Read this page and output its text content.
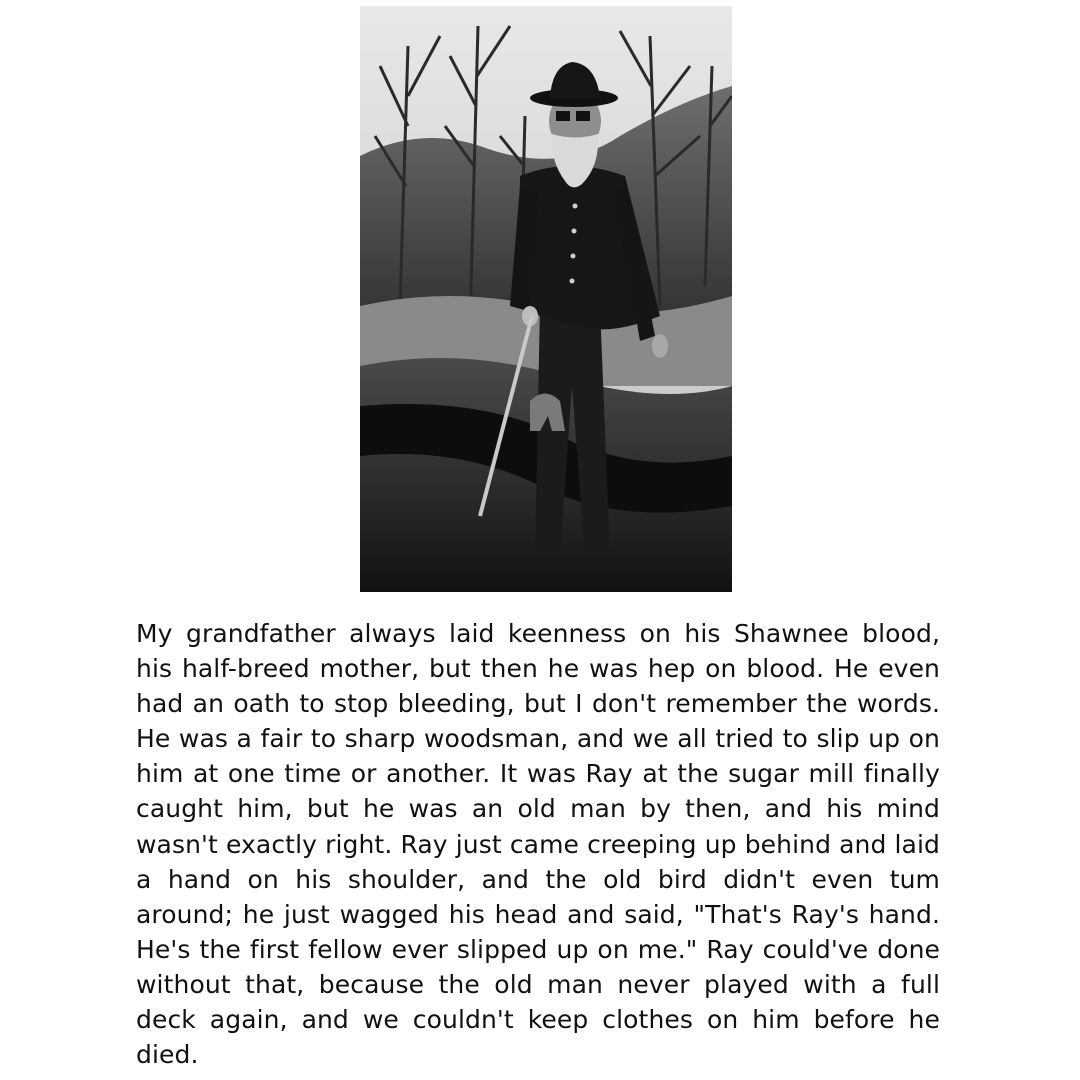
My grandfather always laid keenness on his Shawnee blood, his half-breed mother, but then he was hep on blood. He even had an oath to stop bleeding, but I don't remember the words. He was a fair to sharp woodsman, and we all tried to slip up on him at one time or another. It was Ray at the sugar mill finally caught him, but he was an old man by then, and his mind wasn't exactly right. Ray just came creeping up behind and laid a hand on his shoulder, and the old bird didn't even tum around; he just wagged his head and said, "That's Ray's hand. He's the first fellow ever slipped up on me." Ray could've done without that, because the old man never played with a full deck again, and we couldn't keep clothes on him before he died.
